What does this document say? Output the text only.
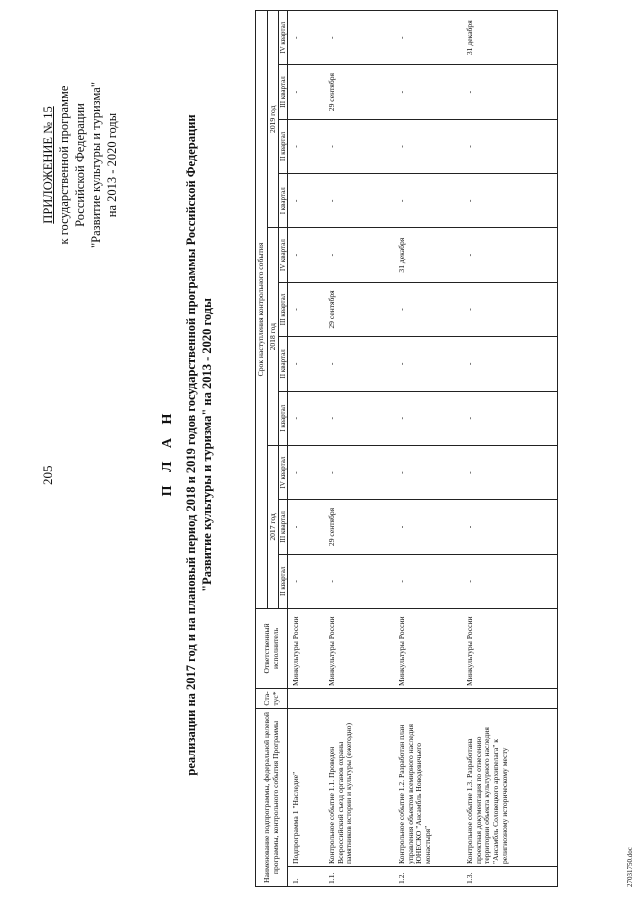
205
ПРИЛОЖЕНИЕ № 15 к государственной программе Российской Федерации "Развитие культуры и туризма" на 2013 - 2020 годы
П Л А Н реализации на 2017 год и на плановый период 2018 и 2019 годов государственной программы Российской Федерации "Развитие культуры и туризма" на 2013 - 2020 годы
Наименование подпрограммы, федеральной целевой программы, контрольного события Программы		Ста-тус*	Ответственный исполнитель	Срок наступления контрольного события										
				2017 год			2018 год				2019 год			
				II квартал	III квартал	IV квартал	I квартал	II квартал	III квартал	IV квартал	I квартал	II квартал	III квартал	IV квартал
1.	Подпрограмма 1 "Наследие"		Минкультуры России	-	-	-	-	-	-	-	-	-	-	-
1.1.	Контрольное событие 1.1. Проведен Всероссийский съезд органов охраны памятников истории и культуры (ежегодно)		Минкультуры России	-	29 сентября	-	-	-	29 сентября	-	-	-	29 сентября	-
1.2.	Контрольное событие 1.2. Разработан план управления объектом всемирного наследия ЮНЕСКО "Ансамбль Новодевичьего монастыря"		Минкультуры России	-	-	-	-	-	-	31 декабря	-	-	-	-
1.3.	Контрольное событие 1.3. Разработана проектная документация по отнесению территории объекта культурного наследия "Ансамбль Соловецкого архипелага" к религиозному историческому месту		Минкультуры России	-	-	-	-	-	-	-	-	-	-	31 декабря
27031750.doc
